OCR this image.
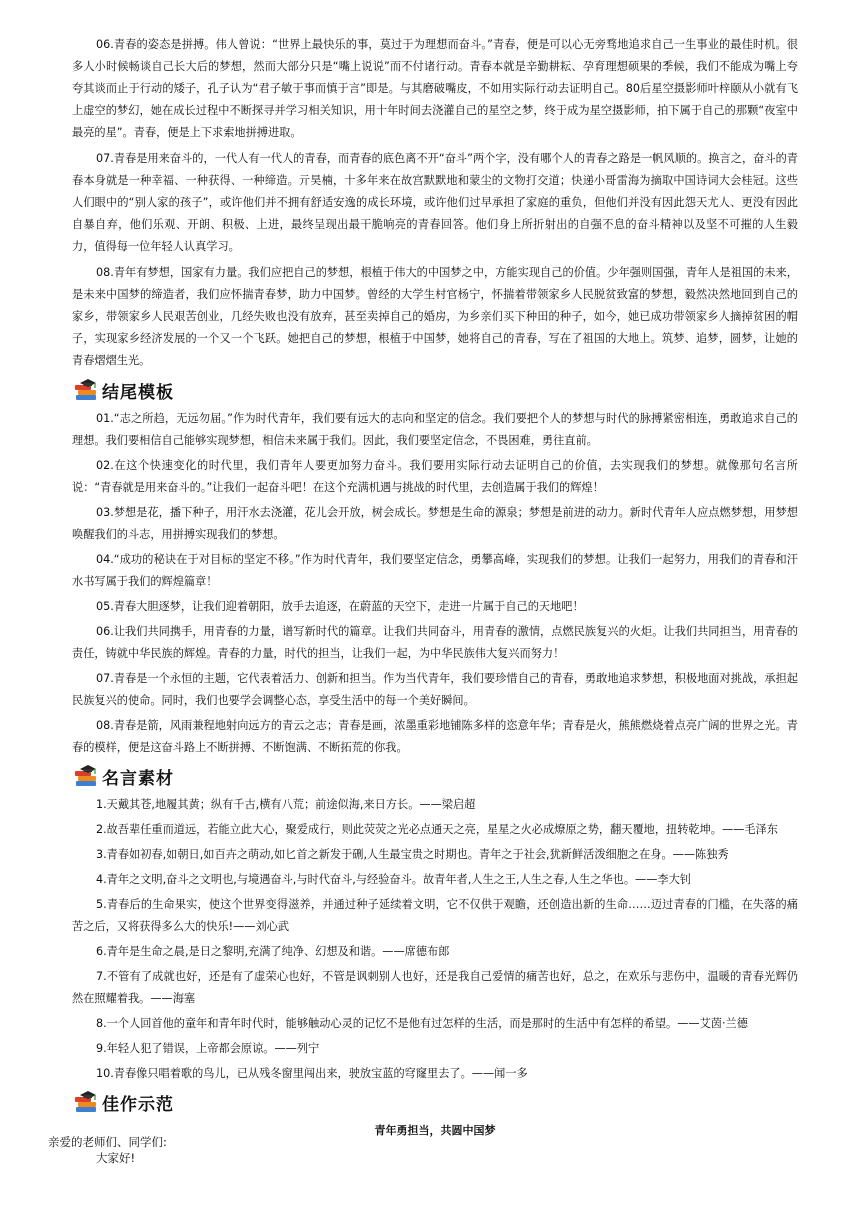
06.青春的姿态是拼搏。伟人曾说：“世界上最快乐的事，莫过于为理想而奋斗。”青春，便是可以心无旁骛地追求自己一生事业的最佳时机。很多人小时候畅谈自己长大后的梦想，然而大部分只是“嘴上说说”而不付诸行动。青春本就是辛勤耕耘、孕育理想硕果的季候，我们不能成为嘴上夸夸其谈而止于行动的矮子，孔子认为“君子敏于事而慎于言”即是。与其磨破嘴皮，不如用实际行动去证明自己。80后星空摄影师叶梓颐从小就有飞上虚空的梦幻，她在成长过程中不断探寻并学习相关知识，用十年时间去浇灌自己的星空之梦，终于成为星空摄影师，拍下属于自己的那颗“夜室中最亮的星”。青春，便是上下求索地拼搏进取。

07.青春是用来奋斗的，一代人有一代人的青春，而青春的底色离不开“奋斗”两个字，没有哪个人的青春之路是一帆风顺的。换言之，奋斗的青春本身就是一种幸福、一种获得、一种缔造。亓昊楠，十多年来在故宫默默地和蒙尘的文物打交道；快递小哥雷海为摘取中国诗词大会桂冠。这些人们眼中的“别人家的孩子”，或许他们并不拥有舒适安逸的成长环境，或许他们过早承担了家庭的重负，但他们并没有因此怨天尤人、更没有因此自暴自弃，他们乐观、开朗、积极、上进，最终呈现出最干脆响亮的青春回答。他们身上所折射出的自强不息的奋斗精神以及坚不可摧的人生毅力，值得每一位年轻人认真学习。

08.青年有梦想，国家有力量。我们应把自己的梦想，根植于伟大的中国梦之中，方能实现自己的价值。少年强则国强，青年人是祖国的未来，是未来中国梦的缔造者，我们应怀揣青春梦，助力中国梦。曾经的大学生村官杨宁，怀揣着带领家乡人民脱贫致富的梦想，毅然决然地回到自己的家乡，带领家乡人民艰苦创业，几经失败也没有放弃，甚至卖掉自己的婚房，为乡亲们买下种田的种子，如今，她已成功带领家乡人摘掉贫困的帽子，实现家乡经济发展的一个又一个飞跃。她把自己的梦想，根植于中国梦，她将自己的青春，写在了祖国的大地上。筑梦、追梦，圆梦，让她的青春熠熠生光。

结尾模板

01.“志之所趋，无远勿届。”作为时代青年，我们要有远大的志向和坚定的信念。我们要把个人的梦想与时代的脉搏紧密相连，勇敢追求自己的理想。我们要相信自己能够实现梦想，相信未来属于我们。因此，我们要坚定信念，不畏困难，勇往直前。

02.在这个快速变化的时代里，我们青年人要更加努力奋斗。我们要用实际行动去证明自己的价值，去实现我们的梦想。就像那句名言所说：“青春就是用来奋斗的。”让我们一起奋斗吧！在这个充满机遇与挑战的时代里，去创造属于我们的辉煌！

03.梦想是花，播下种子，用汗水去浇灌，花儿会开放，树会成长。梦想是生命的源泉；梦想是前进的动力。新时代青年人应点燃梦想，用梦想唤醒我们的斗志，用拼搏实现我们的梦想。

04.“成功的秘诀在于对目标的坚定不移。”作为时代青年，我们要坚定信念，勇攀高峰，实现我们的梦想。让我们一起努力，用我们的青春和汗水书写属于我们的辉煌篇章！

05.青春大胆逐梦，让我们迎着朝阳，放手去追逐，在蔚蓝的天空下，走进一片属于自己的天地吧！

06.让我们共同携手，用青春的力量，谱写新时代的篇章。让我们共同奋斗，用青春的激情，点燃民族复兴的火炬。让我们共同担当，用青春的责任，铸就中华民族的辉煌。青春的力量，时代的担当，让我们一起，为中华民族伟大复兴而努力！

07.青春是一个永恒的主题，它代表着活力、创新和担当。作为当代青年，我们要珍惜自己的青春，勇敢地追求梦想，积极地面对挑战，承担起民族复兴的使命。同时，我们也要学会调整心态，享受生活中的每一个美好瞬间。

08.青春是箭，风雨兼程地射向远方的青云之志；青春是画，浓墨重彩地铺陈多样的恣意年华；青春是火，熊熊燃烧着点亮广阔的世界之光。青春的模样，便是这奋斗路上不断拼搏、不断饱满、不断拓荒的你我。

名言素材

1.天戴其苍,地履其黄；纵有千古,横有八荒；前途似海,来日方长。——梁启超

2.故吾辈任重而道远，若能立此大心，聚爱成行，则此荧荧之光必点通天之亮，星星之火必成燎原之势，翻天覆地，扭转乾坤。——毛泽东

3.青春如初春,如朝日,如百卉之萌动,如匕首之新发于硎,人生最宝贵之时期也。青年之于社会,犹新鲜活泼细胞之在身。——陈独秀

4.青年之文明,奋斗之文明也,与境遇奋斗,与时代奋斗,与经验奋斗。故青年者,人生之王,人生之春,人生之华也。——李大钊

5.青春后的生命果实，使这个世界变得滋养，并通过种子延续着文明，它不仅供于观瞻，还创造出新的生命……迈过青春的门槛，在失落的痛苦之后，又将获得多么大的快乐!——刘心武

6.青年是生命之晨,是日之黎明,充满了纯净、幻想及和谐。——席德布郎

7.不管有了成就也好，还是有了虚荣心也好，不管是讽刺别人也好，还是我自己爱情的痛苦也好，总之，在欢乐与悲伤中，温暖的青春光辉仍然在照耀着我。——海塞

8.一个人回首他的童年和青年时代时，能够触动心灵的记忆不是他有过怎样的生活，而是那时的生活中有怎样的希望。——艾茵·兰德

9.年轻人犯了错误，上帝都会原谅。——列宁

10.青春像只唱着歌的鸟儿，已从残冬窗里闯出来，驶放宝蓝的穹窿里去了。——闻一多

佳作示范
青年勇担当，共圆中国梦
亲爱的老师们、同学们:
大家好!
